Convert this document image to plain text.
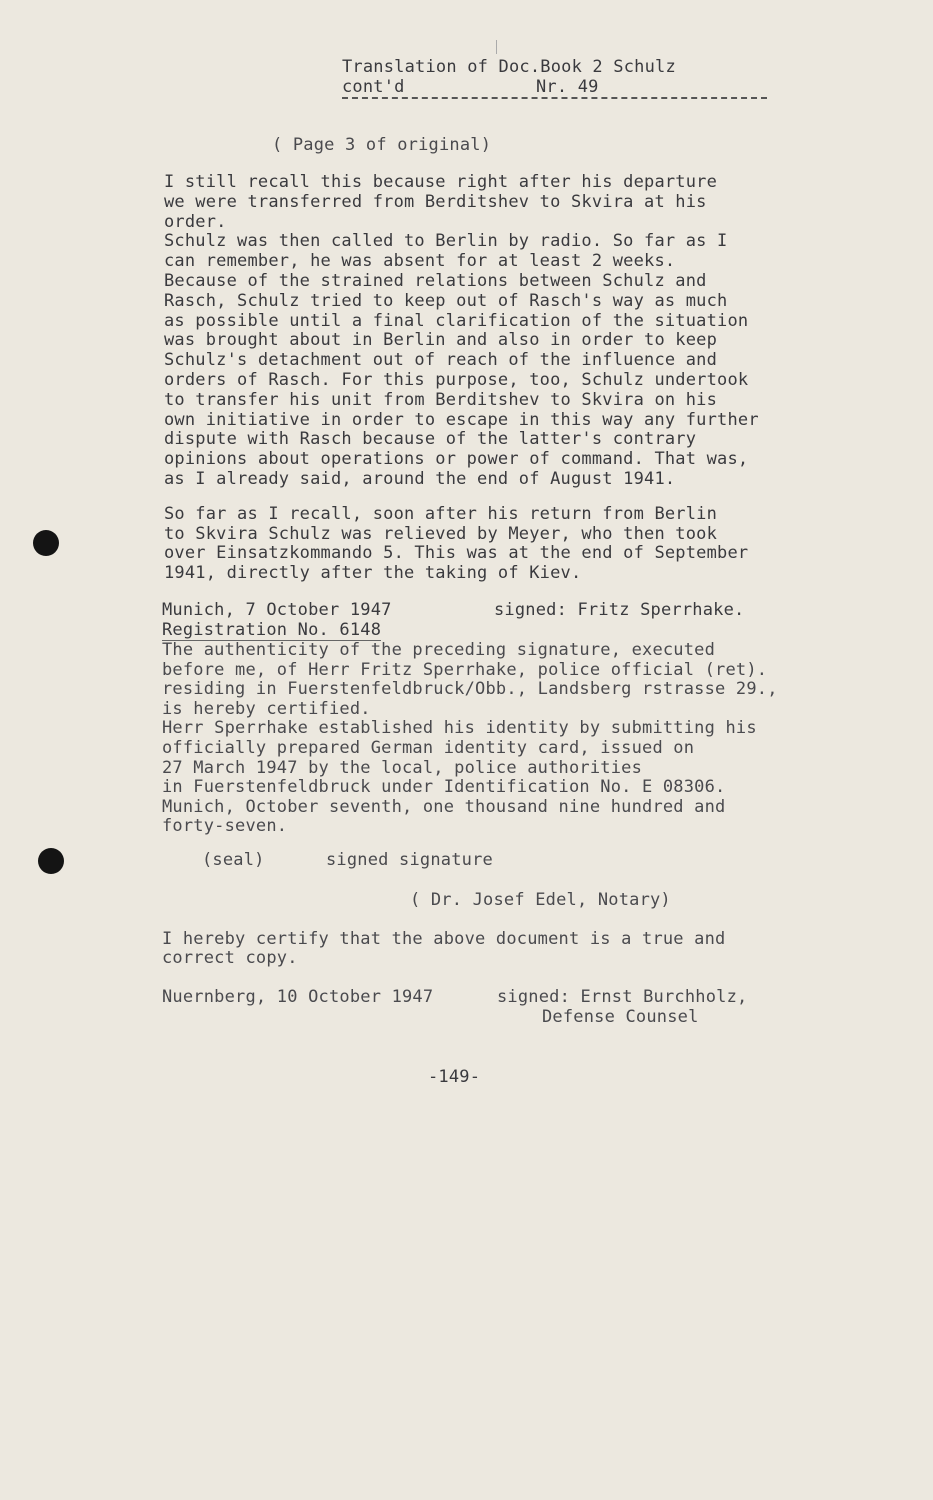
Translation of Doc.Book 2 Schulz
cont'd	Nr. 49
( Page 3 of original)
I still recall this because right after his departure
we were transferred from Berditshev to Skvira at his
order.
Schulz was then called to Berlin by radio. So far as I
can remember, he was absent for at least 2 weeks.
Because of the strained relations between Schulz and
Rasch, Schulz tried to keep out of Rasch's way as much
as possible until a final clarification of the situation
was brought about in Berlin and also in order to keep
Schulz's detachment out of reach of the influence and
orders of Rasch. For this purpose, too, Schulz undertook
to transfer his unit from Berditshev to Skvira on his
own initiative in order to escape in this way any further
dispute with Rasch because of the latter's contrary
opinions about operations or power of command. That was,
as I already said, around the end of August 1941.
So far as I recall, soon after his return from Berlin
to Skvira Schulz was relieved by Meyer, who then took
over Einsatzkommando 5. This was at the end of September
1941, directly after the taking of Kiev.
Munich, 7 October 1947	signed: Fritz Sperrhake.
Registration No. 6148
The authenticity of the preceding signature, executed
before me, of Herr Fritz Sperrhake, police official (ret).
residing in Fuerstenfeldbruck/Obb., Landsberg rstrasse 29.,
is hereby certified.
Herr Sperrhake established his identity by submitting his
officially prepared German identity card, issued on
27 March 1947 by the local, police authorities
in Fuerstenfeldbruck under Identification No. E 08306.
Munich, October seventh, one thousand nine hundred and
forty-seven.
(seal)	signed signature
( Dr. Josef Edel, Notary)
I hereby certify that the above document is a true and
correct copy.
Nuernberg, 10 October 1947	signed: Ernst Burchholz,
Defense Counsel
-149-
